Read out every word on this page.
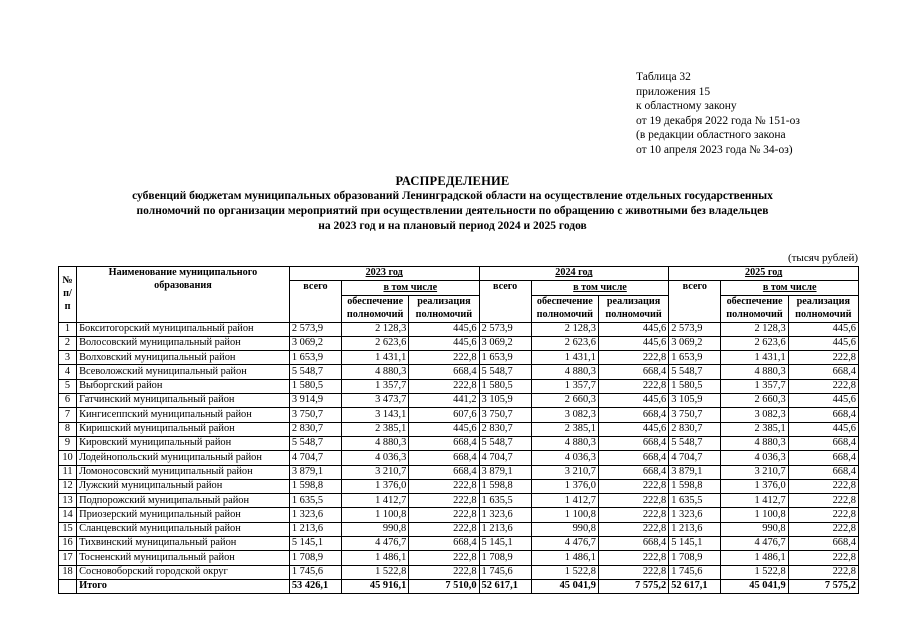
Таблица 32
приложения 15
к областному закону
от 19 декабря 2022 года № 151-оз
(в редакции областного закона
от 10 апреля 2023 года № 34-оз)
РАСПРЕДЕЛЕНИЕ
субвенций бюджетам муниципальных образований Ленинградской области на осуществление отдельных государственных
полномочий по организации мероприятий при осуществлении деятельности по обращению с животными без владельцев
на 2023 год и на плановый период 2024 и 2025 годов
(тысяч рублей)
№ п/п	Наименование муниципального образования	2023 год			2024 год			2025 год		
		всего	в том числе		всего	в том числе		всего	в том числе	
			обеспечение полномочий	реализация полномочий		обеспечение полномочий	реализация полномочий		обеспечение полномочий	реализация полномочий
1	Бокситогорский муниципальный район	2 573,9	2 128,3	445,6	2 573,9	2 128,3	445,6	2 573,9	2 128,3	445,6
2	Волосовский муниципальный район	3 069,2	2 623,6	445,6	3 069,2	2 623,6	445,6	3 069,2	2 623,6	445,6
3	Волховский муниципальный район	1 653,9	1 431,1	222,8	1 653,9	1 431,1	222,8	1 653,9	1 431,1	222,8
4	Всеволожский муниципальный район	5 548,7	4 880,3	668,4	5 548,7	4 880,3	668,4	5 548,7	4 880,3	668,4
5	Выборгский район	1 580,5	1 357,7	222,8	1 580,5	1 357,7	222,8	1 580,5	1 357,7	222,8
6	Гатчинский муниципальный район	3 914,9	3 473,7	441,2	3 105,9	2 660,3	445,6	3 105,9	2 660,3	445,6
7	Кингисеппский муниципальный район	3 750,7	3 143,1	607,6	3 750,7	3 082,3	668,4	3 750,7	3 082,3	668,4
8	Киришский муниципальный район	2 830,7	2 385,1	445,6	2 830,7	2 385,1	445,6	2 830,7	2 385,1	445,6
9	Кировский муниципальный район	5 548,7	4 880,3	668,4	5 548,7	4 880,3	668,4	5 548,7	4 880,3	668,4
10	Лодейнопольский муниципальный район	4 704,7	4 036,3	668,4	4 704,7	4 036,3	668,4	4 704,7	4 036,3	668,4
11	Ломоносовский муниципальный район	3 879,1	3 210,7	668,4	3 879,1	3 210,7	668,4	3 879,1	3 210,7	668,4
12	Лужский муниципальный район	1 598,8	1 376,0	222,8	1 598,8	1 376,0	222,8	1 598,8	1 376,0	222,8
13	Подпорожский муниципальный район	1 635,5	1 412,7	222,8	1 635,5	1 412,7	222,8	1 635,5	1 412,7	222,8
14	Приозерский муниципальный район	1 323,6	1 100,8	222,8	1 323,6	1 100,8	222,8	1 323,6	1 100,8	222,8
15	Сланцевский муниципальный район	1 213,6	990,8	222,8	1 213,6	990,8	222,8	1 213,6	990,8	222,8
16	Тихвинский муниципальный район	5 145,1	4 476,7	668,4	5 145,1	4 476,7	668,4	5 145,1	4 476,7	668,4
17	Тосненский муниципальный район	1 708,9	1 486,1	222,8	1 708,9	1 486,1	222,8	1 708,9	1 486,1	222,8
18	Сосновоборский городской округ	1 745,6	1 522,8	222,8	1 745,6	1 522,8	222,8	1 745,6	1 522,8	222,8
	Итого	53 426,1	45 916,1	7 510,0	52 617,1	45 041,9	7 575,2	52 617,1	45 041,9	7 575,2
